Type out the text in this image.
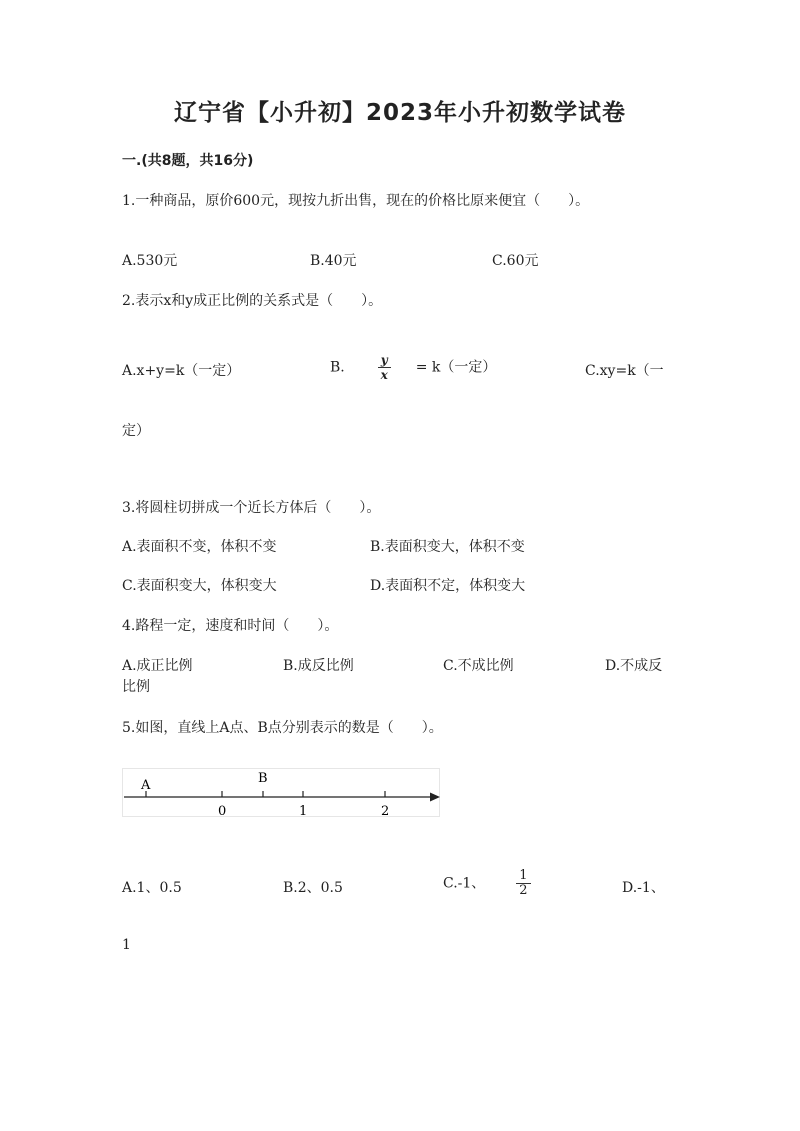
辽宁省【小升初】2023年小升初数学试卷
一.(共8题，共16分)
1.一种商品，原价600元，现按九折出售，现在的价格比原来便宜（　　）。
A.530元	B.40元	C.60元
2.表示x和y成正比例的关系式是（　　）。
A.x+y=k（一定）	B.	$\frac{y}{x} = k$（一定）	C.xy=k（一
定）
3.将圆柱切拼成一个近长方体后（　　）。
A.表面积不变，体积不变	B.表面积变大，体积不变
C.表面积变大，体积变大	D.表面积不定，体积变大
4.路程一定，速度和时间（　　）。
A.成正比例	B.成反比例	C.不成比例	D.不成反
比例
5.如图，直线上A点、B点分别表示的数是（　　）。
A	B
0	1	2
A.1、0.5	B.2、0.5	C.-1、 $\frac{1}{2}$	D.-1、
1
